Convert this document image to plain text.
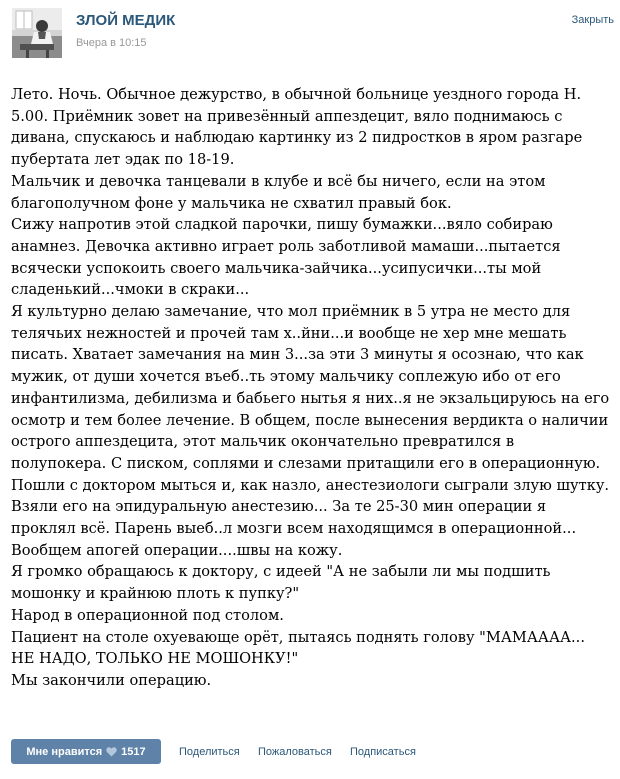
ЗЛОЙ МЕДИК
Вчера в 10:15
Закрыть

Лето. Ночь. Обычное дежурство, в обычной больнице уездного города Н. 5.00. Приёмник зовет на привезённый аппездецит, вяло поднимаюсь с дивана, спускаюсь и наблюдаю картинку из 2 пидростков в яром разгаре пубертата лет эдак по 18-19.

Мальчик и девочка танцевали в клубе и всё бы ничего, если на этом благополучном фоне у мальчика не схватил правый бок.

Сижу напротив этой сладкой парочки, пишу бумажки...вяло собираю анамнез. Девочка активно играет роль заботливой мамаши...пытается всячески успокоить своего мальчика-зайчика...усипусички...ты мой сладенький...чмоки в скраки...

Я культурно делаю замечание, что мол приёмник в 5 утра не место для телячьих нежностей и прочей там х..йни...и вообще не хер мне мешать писать. Хватает замечания на мин 3...за эти 3 минуты я осознаю, что как мужик, от души хочется въеб..ть этому мальчику соплежую ибо от его инфантилизма, дебилизма и бабьего нытья я них..я не экзальцируюсь на его осмотр и тем более лечение. В общем, после вынесения вердикта о наличии острого аппездецита, этот мальчик окончательно превратился в полупокера. С писком, соплями и слезами притащили его в операционную. Пошли с доктором мыться и, как назло, анестезиологи сыграли злую шутку. Взяли его на эпидуральную анестезию... За те 25-30 мин операции я проклял всё. Парень выеб..л мозги всем находящимся в операционной...

Вообщем апогей операции....швы на кожу.

Я громко обращаюсь к доктору, с идеей "А не забыли ли мы подшить мошонку и крайнюю плоть к пупку?"

Народ в операционной под столом.

Пациент на столе охуевающе орёт, пытаясь поднять голову "МАМАААА... НЕ НАДО, ТОЛЬКО НЕ МОШОНКУ!"

Мы закончили операцию.

Мне нравится 1517	Поделиться Пожаловаться Подписаться
